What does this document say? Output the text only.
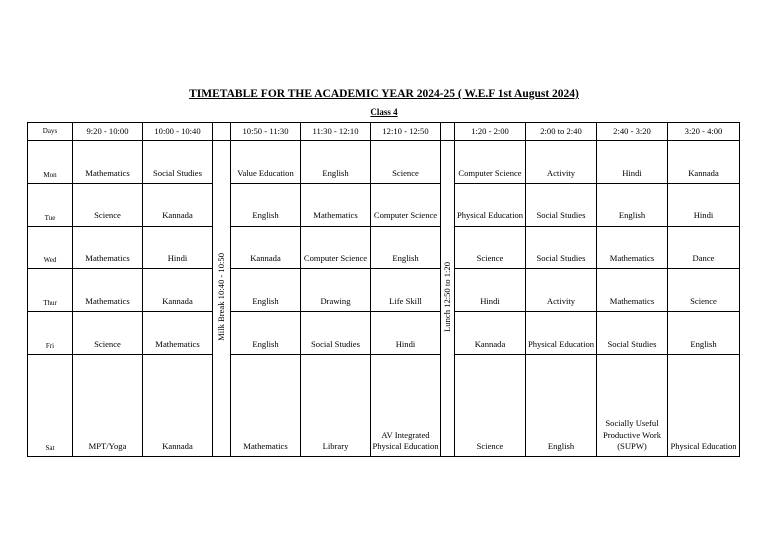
TIMETABLE FOR THE ACADEMIC YEAR 2024-25 ( W.E.F 1st August 2024)
Class 4
Days	9:20 - 10:00	10:00 - 10:40		10:50 - 11:30	11:30 - 12:10	12:10 - 12:50		1:20 - 2:00	2:00 to 2:40	2:40 - 3:20	3:20 - 4:00
Mon	Mathematics	Social Studies	Milk Break 10:40 - 10:50	Value Education	English	Science	Lunch 12:50 to 1:20	Computer Science	Activity	Hindi	Kannada
Tue	Science	Kannada		English	Mathematics	Computer Science		Physical Education	Social Studies	English	Hindi
Wed	Mathematics	Hindi		Kannada	Computer Science	English		Science	Social Studies	Mathematics	Dance
Thur	Mathematics	Kannada		English	Drawing	Life Skill		Hindi	Activity	Mathematics	Science
Fri	Science	Mathematics		English	Social Studies	Hindi		Kannada	Physical Education	Social Studies	English
Sat	MPT/Yoga	Kannada		Mathematics	Library	AV Integrated Physical Education		Science	English	Socially Useful Productive Work (SUPW)	Physical Education
